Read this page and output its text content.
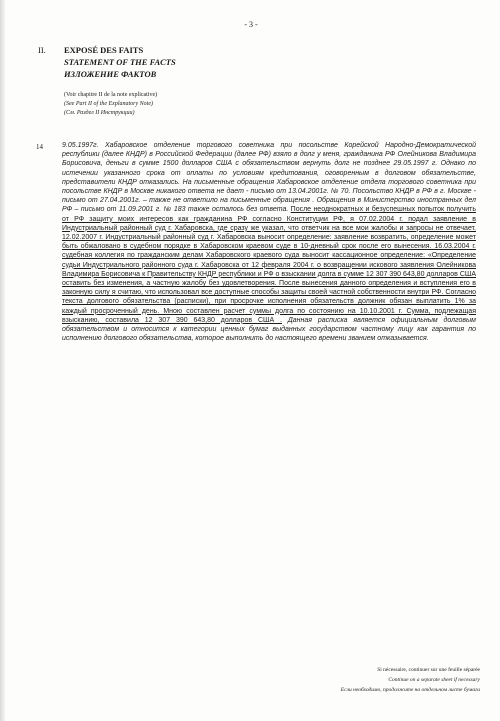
- 3 -
II. EXPOSÉ DES FAITS
STATEMENT OF THE FACTS
ИЗЛОЖЕНИЕ ФАКТОВ
(Voir chapitre II de la note explicative)
(See Part II of the Explanatory Note)
(См. Раздел II Инструкции)
14	9.05.1997г. Хабаровское отделение торгового советника при посольстве Корейской Народно-Демократической республики (далее КНДР) в Российской Федерации (далее РФ) взяло в долг у меня, гражданина РФ Олейникова Владимира Борисовича, деньги в сумме 1500 долларов США с обязательством вернуть долг не позднее 29.05.1997 г. Однако по истечении указанного срока от оплаты по условиям кредитования, оговоренным в долговом обязательстве, представители КНДР отказались. На письменные обращения Хабаровское отделение отдела торгового советника при посольстве КНДР в Москве никакого ответа не дает - письмо от 13.04.2001г. № 70. Посольство КНДР в РФ в г. Москве - письмо от 27.04.2001г. – также не ответило на письменные обращения . Обращения в Министерство иностранных дел РФ – письмо от 11.09.2001 г. № 183 также осталось без ответа. После неоднократных и безуспешных попыток получить от РФ защиту моих интересов как гражданина РФ согласно Конституции РФ, я 07.02.2004 г. подал заявление в Индустриальный районный суд г. Хабаровска, где сразу же указал, что ответчик на все мои жалобы и запросы не отвечает. 12.02.2007 г. Индустриальный районный суд г. Хабаровска выносит определение: заявление возвратить, определение может быть обжаловано в судебном порядке в Хабаровском краевом суде в 10-дневный срок после его вынесения. 16.03.2004 г. судебная коллегия по гражданским делам Хабаровского краевого суда выносит кассационное определение: «Определение судьи Индустриального районного суда г. Хабаровска от 12 февраля 2004 г. о возвращении искового заявления Олейникова Владимира Борисовича к Правительству КНДР республики и РФ о взыскании долга в сумме 12 307 390 643,80 долларов США оставить без изменения, а частную жалобу без удовлетворения. После вынесения данного определения и вступления его в законную силу я считаю, что использовал все доступные способы защиты своей частной собственности внутри РФ. Согласно текста долгового обязательства (расписки), при просрочке исполнения обязательств должник обязан выплатить 1% за каждый просроченный день. Мною составлен расчет суммы долга по состоянию на 10.10.2001 г. Сумма, подлежащая взысканию, составила 12 307 390 643,80 долларов США . Данная расписка является официальным долговым обязательством и относится к категории ценных бумаг выданных государством частному лицу как гарантия по исполнению долгового обязательства, которое выполнить до настоящего времени званием отказывается.
Si nécessaire, continuer sur une feuille séparée
Continue on a separate sheet if necessary
Если необходимо, продолжите на отдельном листе бумаги
